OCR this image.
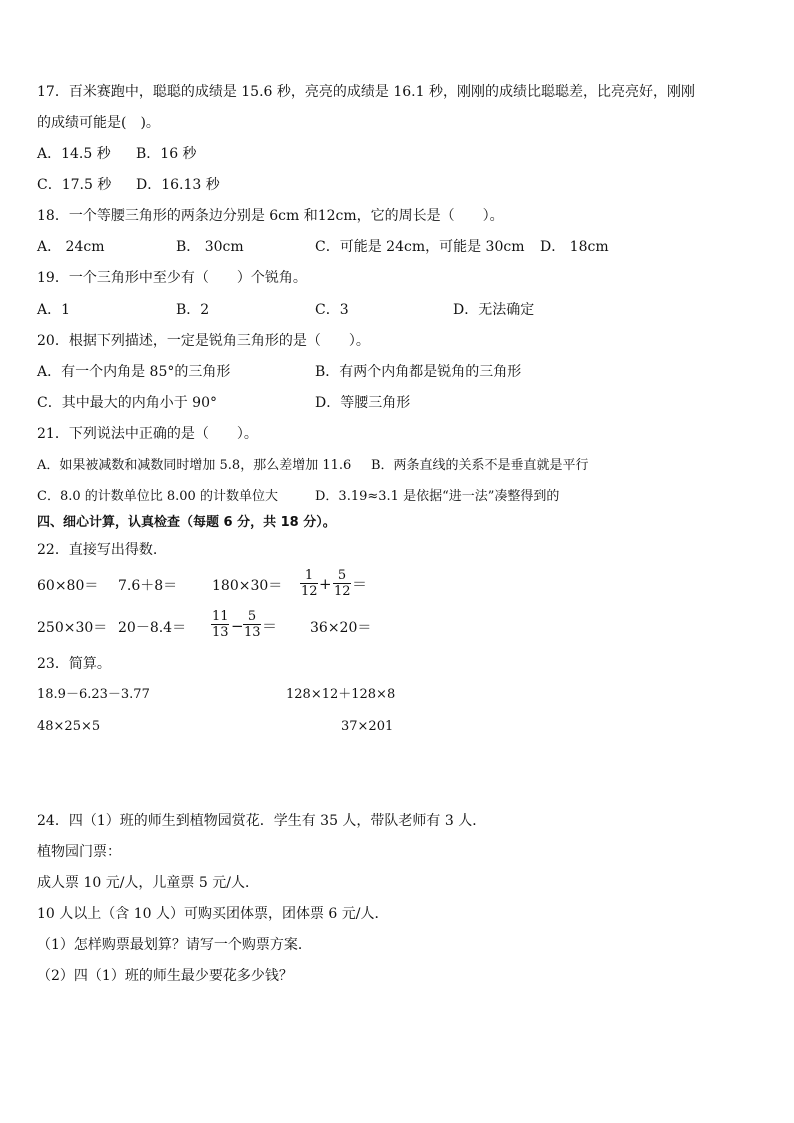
17．百米赛跑中，聪聪的成绩是 15.6 秒，亮亮的成绩是 16.1 秒，刚刚的成绩比聪聪差，比亮亮好，刚刚
的成绩可能是(　)。
A．14.5 秒 B．16 秒
C．17.5 秒 D．16.13 秒
18．一个等腰三角形的两条边分别是 6cm 和12cm，它的周长是（　　）。
A． 24cm	B． 30cm	C．可能是 24cm，可能是 30cm D． 18cm
19．一个三角形中至少有（　　）个锐角。
A．1	B．2	C．3	D．无法确定
20．根据下列描述，一定是锐角三角形的是（　　）。
A．有一个内角是 85°的三角形	B．有两个内角都是锐角的三角形
C．其中最大的内角小于 90°	D．等腰三角形
21．下列说法中正确的是（　　）。
A．如果被减数和减数同时增加 5.8，那么差增加 11.6 B．两条直线的关系不是垂直就是平行
C．8.0 的计数单位比 8.00 的计数单位大	D．3.19≈3.1 是依据“进一法”凑整得到的
四、细心计算，认真检查（每题 6 分，共 18 分）。
22．直接写出得数.
$60\times 80= 7.6+8= 180\times 30= \frac{1}{12} + \frac{5}{12}$ ＝
$250\times 30= 20-8.4= \frac{11}{13} - \frac{5}{13} = 36\times 20=$
23．简算。
18.9－6.23－3.77	128×12＋128×8
48×25×5	37×201
24．四（1）班的师生到植物园赏花．学生有 35 人，带队老师有 3 人．
植物园门票：
成人票 10 元/人，儿童票 5 元/人．
10 人以上（含 10 人）可购买团体票，团体票 6 元/人．
（1）怎样购票最划算？请写一个购票方案．
（2）四（1）班的师生最少要花多少钱？
